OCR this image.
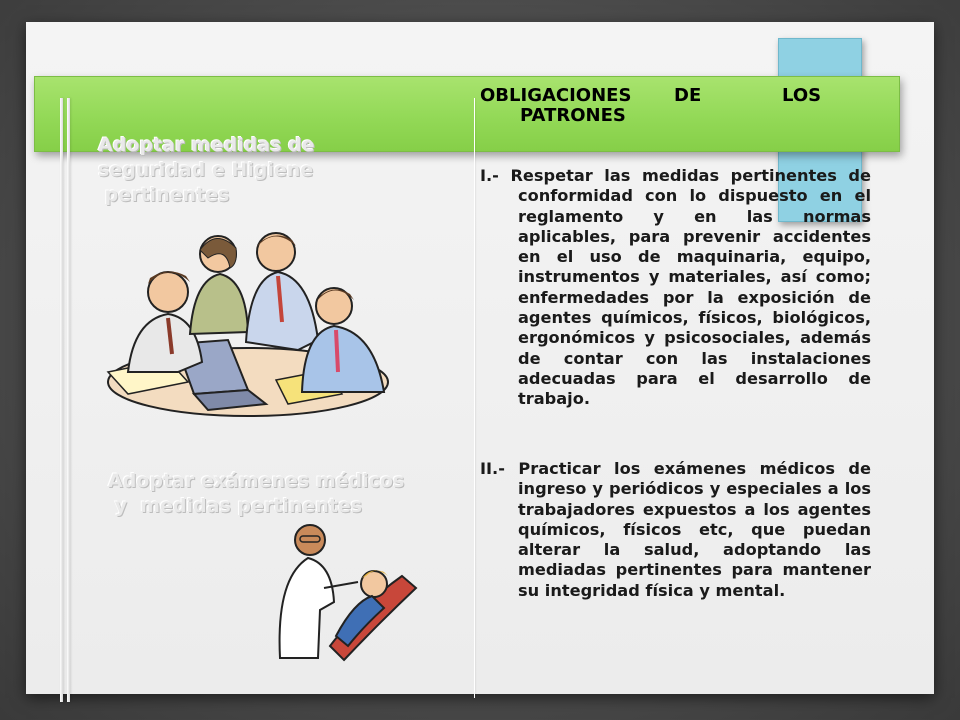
Adoptar medidas de

seguridad e Higiene

pertinentes

Adoptar exámenes médicos

y  medidas pertinentes

OBLIGACIONES DE	LOS
PATRONES

I.- Respetar las medidas pertinentes de conformidad con lo dispuesto en el reglamento y en las normas aplicables, para prevenir accidentes en el uso de maquinaria, equipo, instrumentos y materiales, así como; enfermedades por la exposición de agentes químicos, físicos, biológicos, ergonómicos y psicosociales, además de contar con las instalaciones adecuadas para el desarrollo de trabajo.

II.- Practicar los exámenes médicos de ingreso y periódicos y especiales a los trabajadores expuestos a los agentes químicos, físicos etc, que puedan alterar la salud, adoptando las mediadas pertinentes para mantener su integridad física y mental.
